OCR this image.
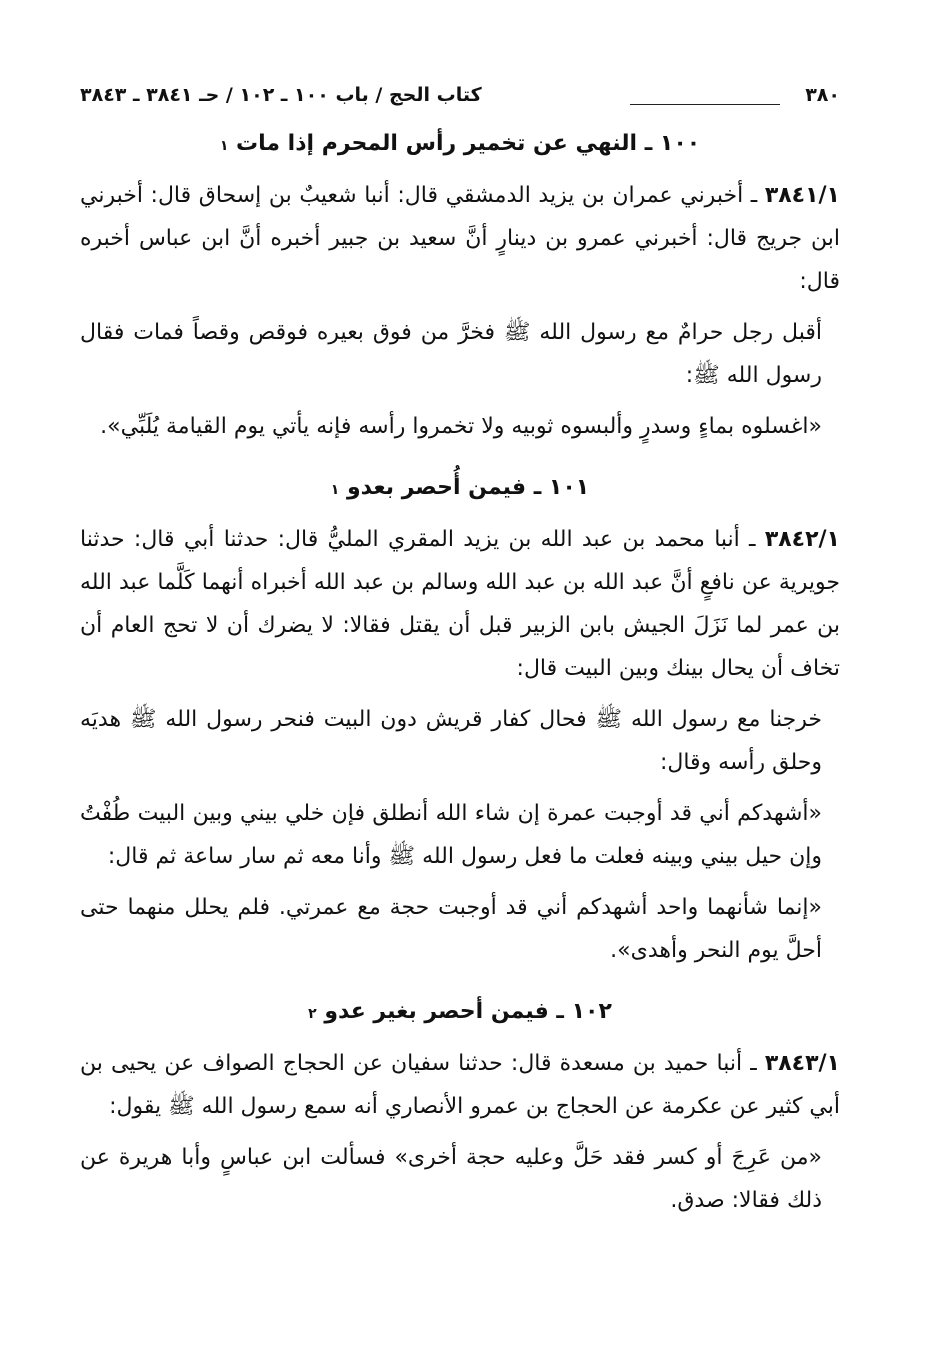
٣٨٠
كتاب الحج / باب ١٠٠ ـ ١٠٢ / حـ ٣٨٤١ ـ ٣٨٤٣
١٠٠ ـ النهي عن تخمير رأس المحرم إذا مات ١

٣٨٤١/١ ـ أخبرني عمران بن يزيد الدمشقي قال: أنبا شعيبٌ بن إسحاق قال: أخبرني ابن جريج قال: أخبرني عمرو بن دينارٍ أنَّ سعيد بن جبير أخبره أنَّ ابن عباس أخبره قال:

أقبل رجل حرامٌ مع رسول الله ﷺ فخرَّ من فوق بعيره فوقص وقصاً فمات فقال رسول الله ﷺ:

«اغسلوه بماءٍ وسدرٍ وألبسوه ثوبيه ولا تخمروا رأسه فإنه يأتي يوم القيامة يُلَبِّي».

١٠١ ـ فيمن أُحصر بعدو ١

٣٨٤٢/١ ـ أنبا محمد بن عبد الله بن يزيد المقري المليُّ قال: حدثنا أبي قال: حدثنا جويرية عن نافعٍ أنَّ عبد الله بن عبد الله وسالم بن عبد الله أخبراه أنهما كَلَّما عبد الله بن عمر لما نَزَلَ الجيش بابن الزبير قبل أن يقتل فقالا: لا يضرك أن لا تحج العام أن تخاف أن يحال بينك وبين البيت قال:

خرجنا مع رسول الله ﷺ فحال كفار قريش دون البيت فنحر رسول الله ﷺ هديَه وحلق رأسه وقال:

«أشهدكم أني قد أوجبت عمرة إن شاء الله أنطلق فإن خلي بيني وبين البيت طُفْتُ وإن حيل بيني وبينه فعلت ما فعل رسول الله ﷺ وأنا معه ثم سار ساعة ثم قال:

«إنما شأنهما واحد أشهدكم أني قد أوجبت حجة مع عمرتي. فلم يحلل منهما حتى أحلَّ يوم النحر وأهدى».

١٠٢ ـ فيمن أحصر بغير عدو ٢

٣٨٤٣/١ ـ أنبا حميد بن مسعدة قال: حدثنا سفيان عن الحجاج الصواف عن يحيى بن أبي كثير عن عكرمة عن الحجاج بن عمرو الأنصاري أنه سمع رسول الله ﷺ يقول:

«من عَرِجَ أو كسر فقد حَلَّ وعليه حجة أخرى» فسألت ابن عباسٍ وأبا هريرة عن ذلك فقالا: صدق.
